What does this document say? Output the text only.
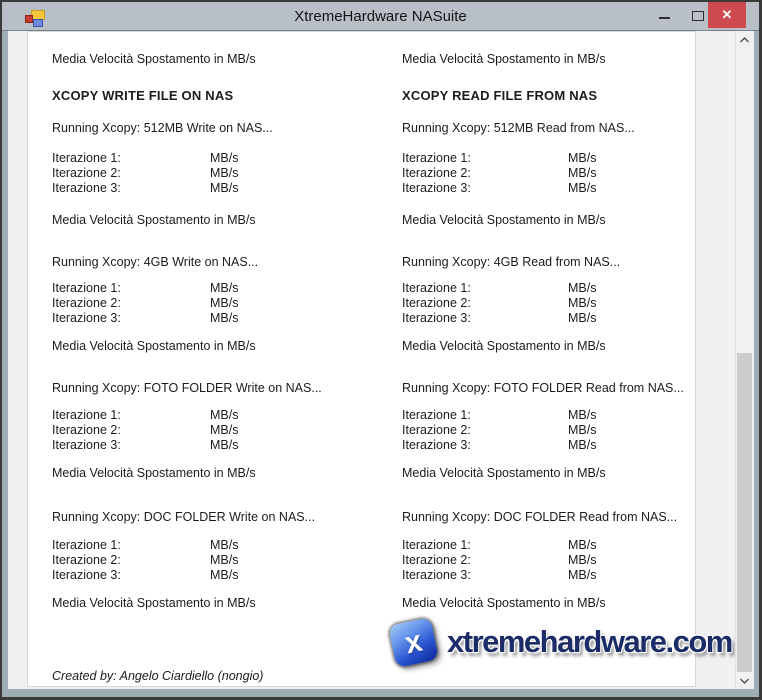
XtremeHardware NASuite	✕
Media Velocità Spostamento in MB/s
XCOPY WRITE FILE ON NAS
Running Xcopy: 512MB Write on NAS...
Iterazione 1:	MB/s
Iterazione 2:	MB/s
Iterazione 3:	MB/s
Media Velocità Spostamento in MB/s
Running Xcopy: 4GB Write on NAS...
Iterazione 1:	MB/s
Iterazione 2:	MB/s
Iterazione 3:	MB/s
Media Velocità Spostamento in MB/s
Running Xcopy: FOTO FOLDER Write on NAS...
Iterazione 1:	MB/s
Iterazione 2:	MB/s
Iterazione 3:	MB/s
Media Velocità Spostamento in MB/s
Running Xcopy: DOC FOLDER Write on NAS...
Iterazione 1:	MB/s
Iterazione 2:	MB/s
Iterazione 3:	MB/s
Media Velocità Spostamento in MB/s
Media Velocità Spostamento in MB/s
XCOPY READ FILE FROM NAS
Running Xcopy: 512MB Read from NAS...
Iterazione 1:	MB/s
Iterazione 2:	MB/s
Iterazione 3:	MB/s
Media Velocità Spostamento in MB/s
Running Xcopy: 4GB Read from NAS...
Iterazione 1:	MB/s
Iterazione 2:	MB/s
Iterazione 3:	MB/s
Media Velocità Spostamento in MB/s
Running Xcopy: FOTO FOLDER Read from NAS...
Iterazione 1:	MB/s
Iterazione 2:	MB/s
Iterazione 3:	MB/s
Media Velocità Spostamento in MB/s
Running Xcopy: DOC FOLDER Read from NAS...
Iterazione 1:	MB/s
Iterazione 2:	MB/s
Iterazione 3:	MB/s
Media Velocità Spostamento in MB/s
Created by: Angelo Ciardiello (nongio)
x xtremehardware.com
